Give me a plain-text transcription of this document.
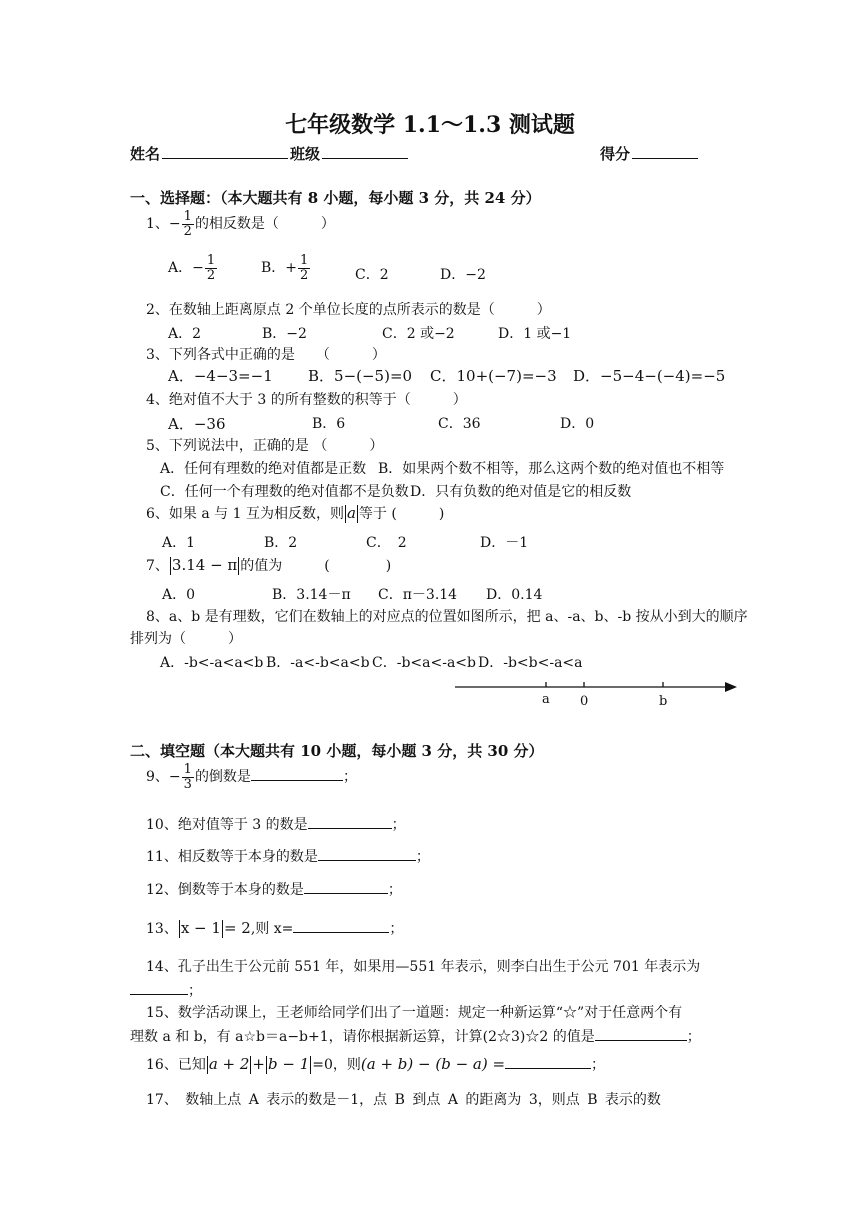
七年级数学 1.1～1.3 测试题
姓名	班级	得分
一、选择题：（本大题共有 8 小题，每小题 3 分，共 24 分）
1、− $\frac{1}{2}$ 的相反数是（　　　）
A．− $\frac{1}{2}$	B．+ $\frac{1}{2}$	C．2	D．−2
2、在数轴上距离原点 2 个单位长度的点所表示的数是（　　　）
A．2	B．−2	C．2 或−2	D．1 或−1
3、下列各式中正确的是　　（　　　）
A．−4−3=−1 B．5−(−5)=0 C．10+(−7)=−3 D．−5−4−(−4)=−5
4、绝对值不大于 3 的所有整数的积等于（　　　）
A．−36	B．6	C．36	D．0
5、下列说法中，正确的是 （　　　）
A．任何有理数的绝对值都是正数 B．如果两个数不相等，那么这两个数的绝对值也不相等
C．任何一个有理数的绝对值都不是负数 D．只有负数的绝对值是它的相反数
6、如果 a 与 1 互为相反数，则 a 等于 (　　　)
A．1	B．2	C．　2	D．－1
7、 3.14 − π 的值为　　　(　　　　)
A．0	B．3.14－π C．π－3.14 D．0.14
8、a、b 是有理数，它们在数轴上的对应点的位置如图所示，把 a、-a、b、-b 按从小到大的顺序
排列为（　　　）
A．-b<-a<a<b B．-a<-b<a<b C．-b<a<-a<b D．-b<b<-a<a
a 0	b
二、填空题（本大题共有 10 小题，每小题 3 分，共 30 分）
9、− $\frac{1}{3}$ 的倒数是	；
10、绝对值等于 3 的数是	；
11、相反数等于本身的数是	；
12、倒数等于本身的数是	；
13、 x − 1 = 2,则 x=	；
14、孔子出生于公元前 551 年，如果用—551 年表示，则李白出生于公元 701 年表示为
；
15、数学活动课上，王老师给同学们出了一道题：规定一种新运算“☆”对于任意两个有
理数 a 和 b，有 a☆b＝a−b+1，请你根据新运算，计算(2☆3)☆2 的值是	；
16、已知 a + 2 + b − 1 =0，则(a + b) − (b − a) =	；
17、 数轴上点 A 表示的数是－1，点 B 到点 A 的距离为 3，则点 B 表示的数
